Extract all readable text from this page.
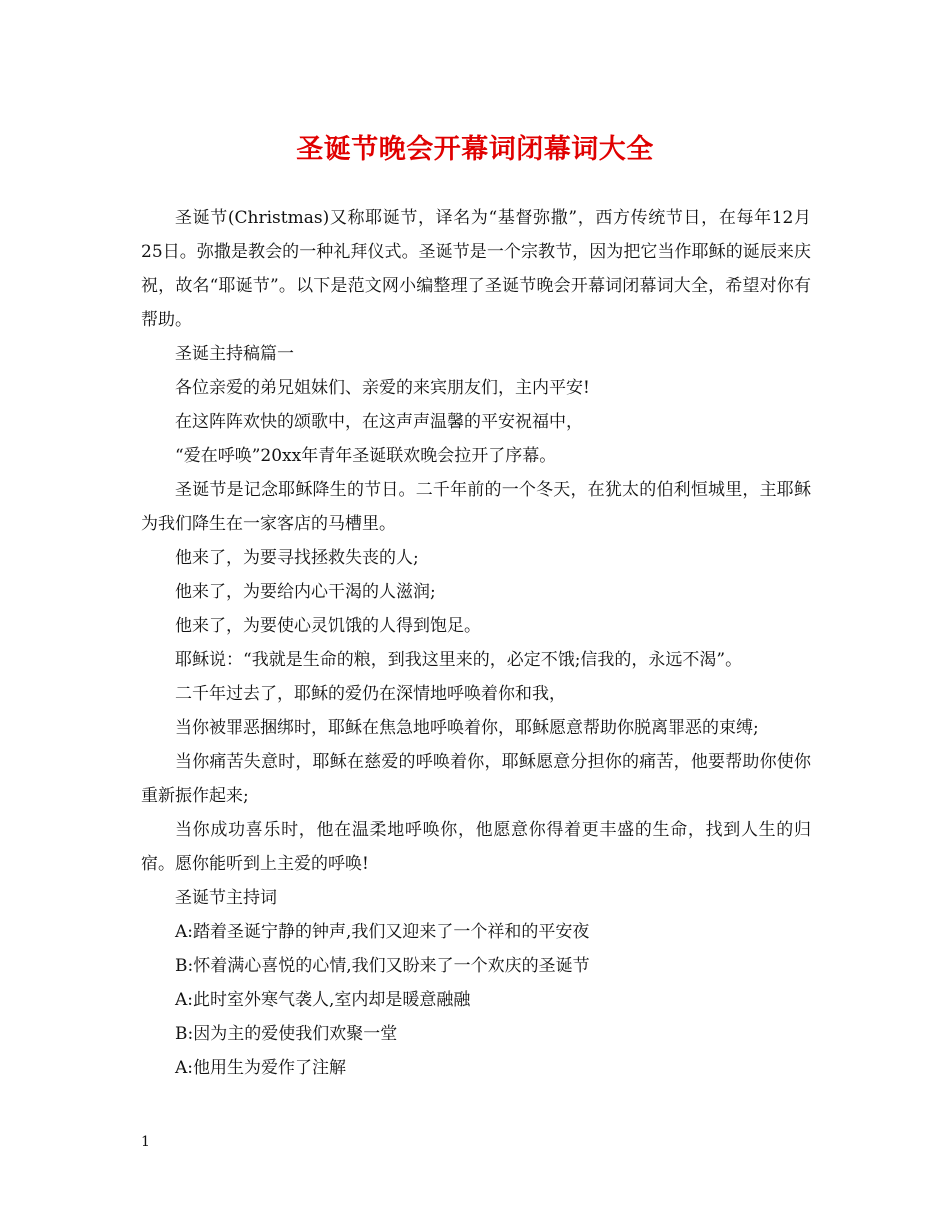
圣诞节晚会开幕词闭幕词大全

圣诞节(Christmas)又称耶诞节，译名为“基督弥撒”，西方传统节日，在每年12月25日。弥撒是教会的一种礼拜仪式。圣诞节是一个宗教节，因为把它当作耶稣的诞辰来庆祝，故名“耶诞节”。以下是范文网小编整理了圣诞节晚会开幕词闭幕词大全，希望对你有帮助。

圣诞主持稿篇一

各位亲爱的弟兄姐妹们、亲爱的来宾朋友们，主内平安!

在这阵阵欢快的颂歌中，在这声声温馨的平安祝福中，

“爱在呼唤”20xx年青年圣诞联欢晚会拉开了序幕。

圣诞节是记念耶稣降生的节日。二千年前的一个冬天，在犹太的伯利恒城里，主耶稣为我们降生在一家客店的马槽里。

他来了，为要寻找拯救失丧的人;

他来了，为要给内心干渴的人滋润;

他来了，为要使心灵饥饿的人得到饱足。

耶稣说：“我就是生命的粮，到我这里来的，必定不饿;信我的，永远不渴”。

二千年过去了，耶稣的爱仍在深情地呼唤着你和我，

当你被罪恶捆绑时，耶稣在焦急地呼唤着你，耶稣愿意帮助你脱离罪恶的束缚;

当你痛苦失意时，耶稣在慈爱的呼唤着你，耶稣愿意分担你的痛苦，他要帮助你使你重新振作起来;

当你成功喜乐时，他在温柔地呼唤你，他愿意你得着更丰盛的生命，找到人生的归宿。愿你能听到上主爱的呼唤!

圣诞节主持词

A:踏着圣诞宁静的钟声,我们又迎来了一个祥和的平安夜

B:怀着满心喜悦的心情,我们又盼来了一个欢庆的圣诞节

A:此时室外寒气袭人,室内却是暖意融融

B:因为主的爱使我们欢聚一堂

A:他用生为爱作了注解

1
